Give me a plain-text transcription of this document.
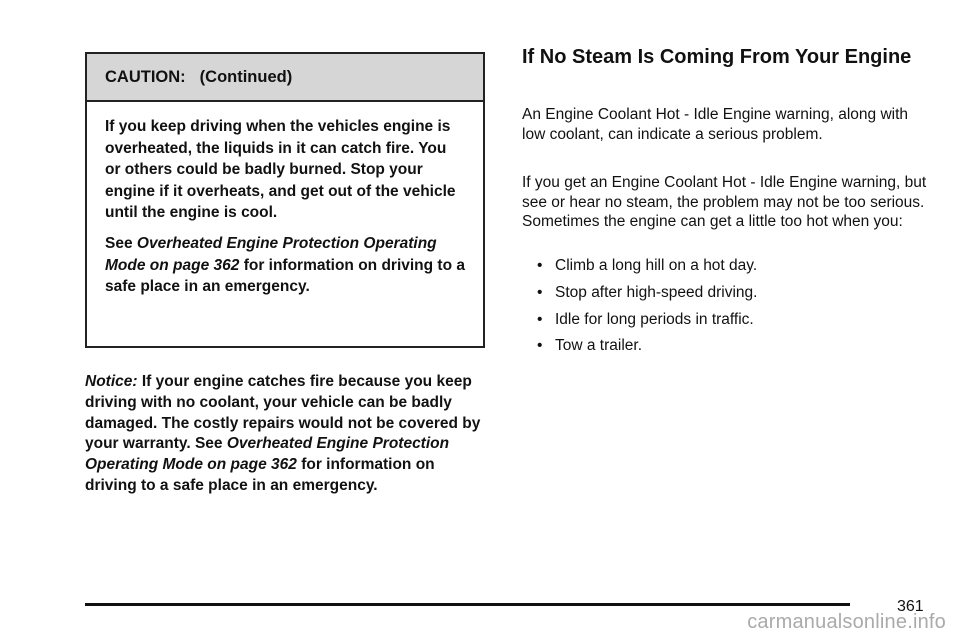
CAUTION: (Continued)

If you keep driving when the vehicles engine is overheated, the liquids in it can catch fire. You or others could be badly burned. Stop your engine if it overheats, and get out of the vehicle until the engine is cool.

See Overheated Engine Protection Operating Mode on page 362 for information on driving to a safe place in an emergency.

Notice: If your engine catches fire because you keep driving with no coolant, your vehicle can be badly damaged. The costly repairs would not be covered by your warranty. See Overheated Engine Protection Operating Mode on page 362 for information on driving to a safe place in an emergency.
If No Steam Is Coming From Your Engine

An Engine Coolant Hot - Idle Engine warning, along with low coolant, can indicate a serious problem.

If you get an Engine Coolant Hot - Idle Engine warning, but see or hear no steam, the problem may not be too serious. Sometimes the engine can get a little too hot when you:

• Climb a long hill on a hot day.
• Stop after high-speed driving.
• Idle for long periods in traffic.
• Tow a trailer.
361
carmanualsonline.info
